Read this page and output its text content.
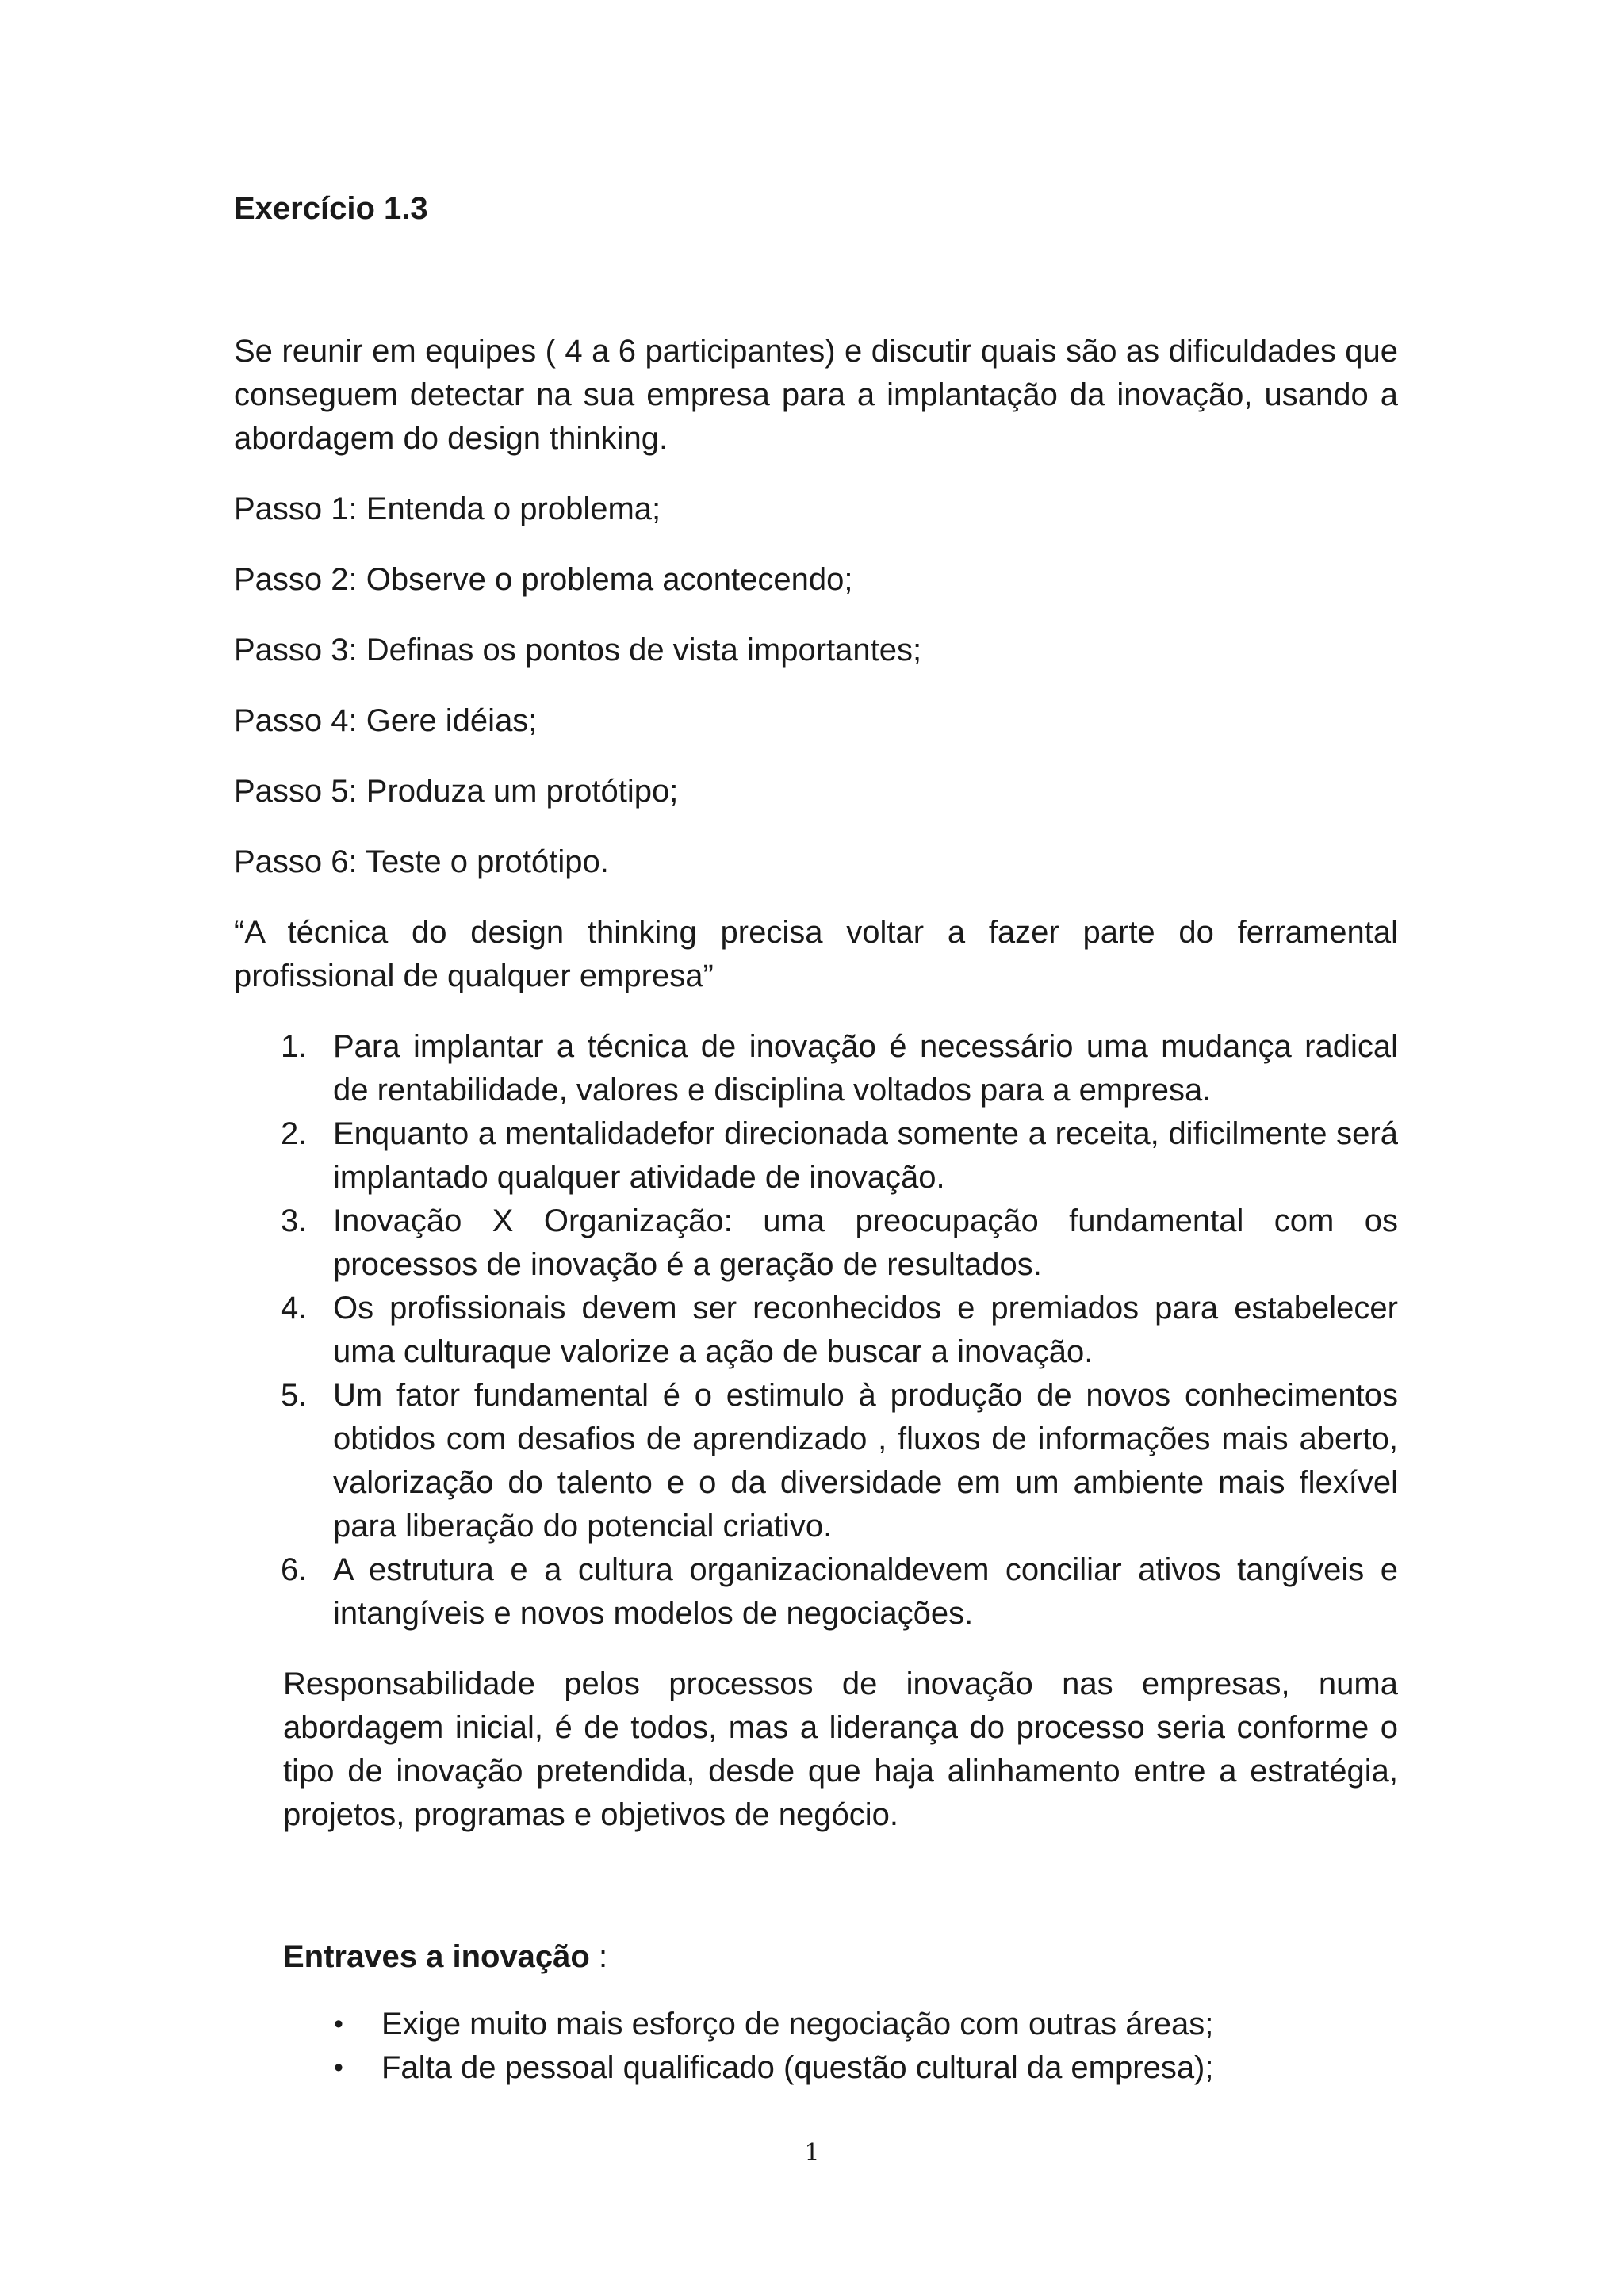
Exercício 1.3

Se reunir em equipes ( 4 a 6 participantes) e discutir quais são as dificuldades que conseguem detectar na sua empresa para a implantação da inovação, usando a abordagem do design thinking.

Passo 1: Entenda o problema;

Passo 2: Observe o problema acontecendo;

Passo 3: Definas os pontos de vista importantes;

Passo 4: Gere idéias;

Passo 5: Produza um protótipo;

Passo 6: Teste o protótipo.

“A técnica do design thinking precisa voltar a fazer parte do ferramental profissional de qualquer empresa”

1. Para implantar a técnica de inovação é necessário uma mudança radical de rentabilidade, valores e disciplina voltados para a empresa.
2. Enquanto a mentalidadefor direcionada somente a receita, dificilmente será implantado qualquer atividade de inovação.
3. Inovação X Organização: uma preocupação fundamental com os processos de inovação é a geração de resultados.
4. Os profissionais devem ser reconhecidos e premiados para estabelecer uma culturaque valorize a ação de buscar a inovação.
5. Um fator fundamental é o estimulo à produção de novos conhecimentos obtidos com desafios de aprendizado , fluxos de informações mais aberto, valorização do talento e o da diversidade em um ambiente mais flexível para liberação do potencial criativo.
6. A estrutura e a cultura organizacionaldevem conciliar ativos tangíveis e intangíveis e novos modelos de negociações.

Responsabilidade pelos processos de inovação nas empresas, numa abordagem inicial, é de todos, mas a liderança do processo seria conforme o tipo de inovação pretendida, desde que haja alinhamento entre a estratégia, projetos, programas e objetivos de negócio.

Entraves a inovação :

• Exige muito mais esforço de negociação com outras áreas;
• Falta de pessoal qualificado (questão cultural da empresa);
1
